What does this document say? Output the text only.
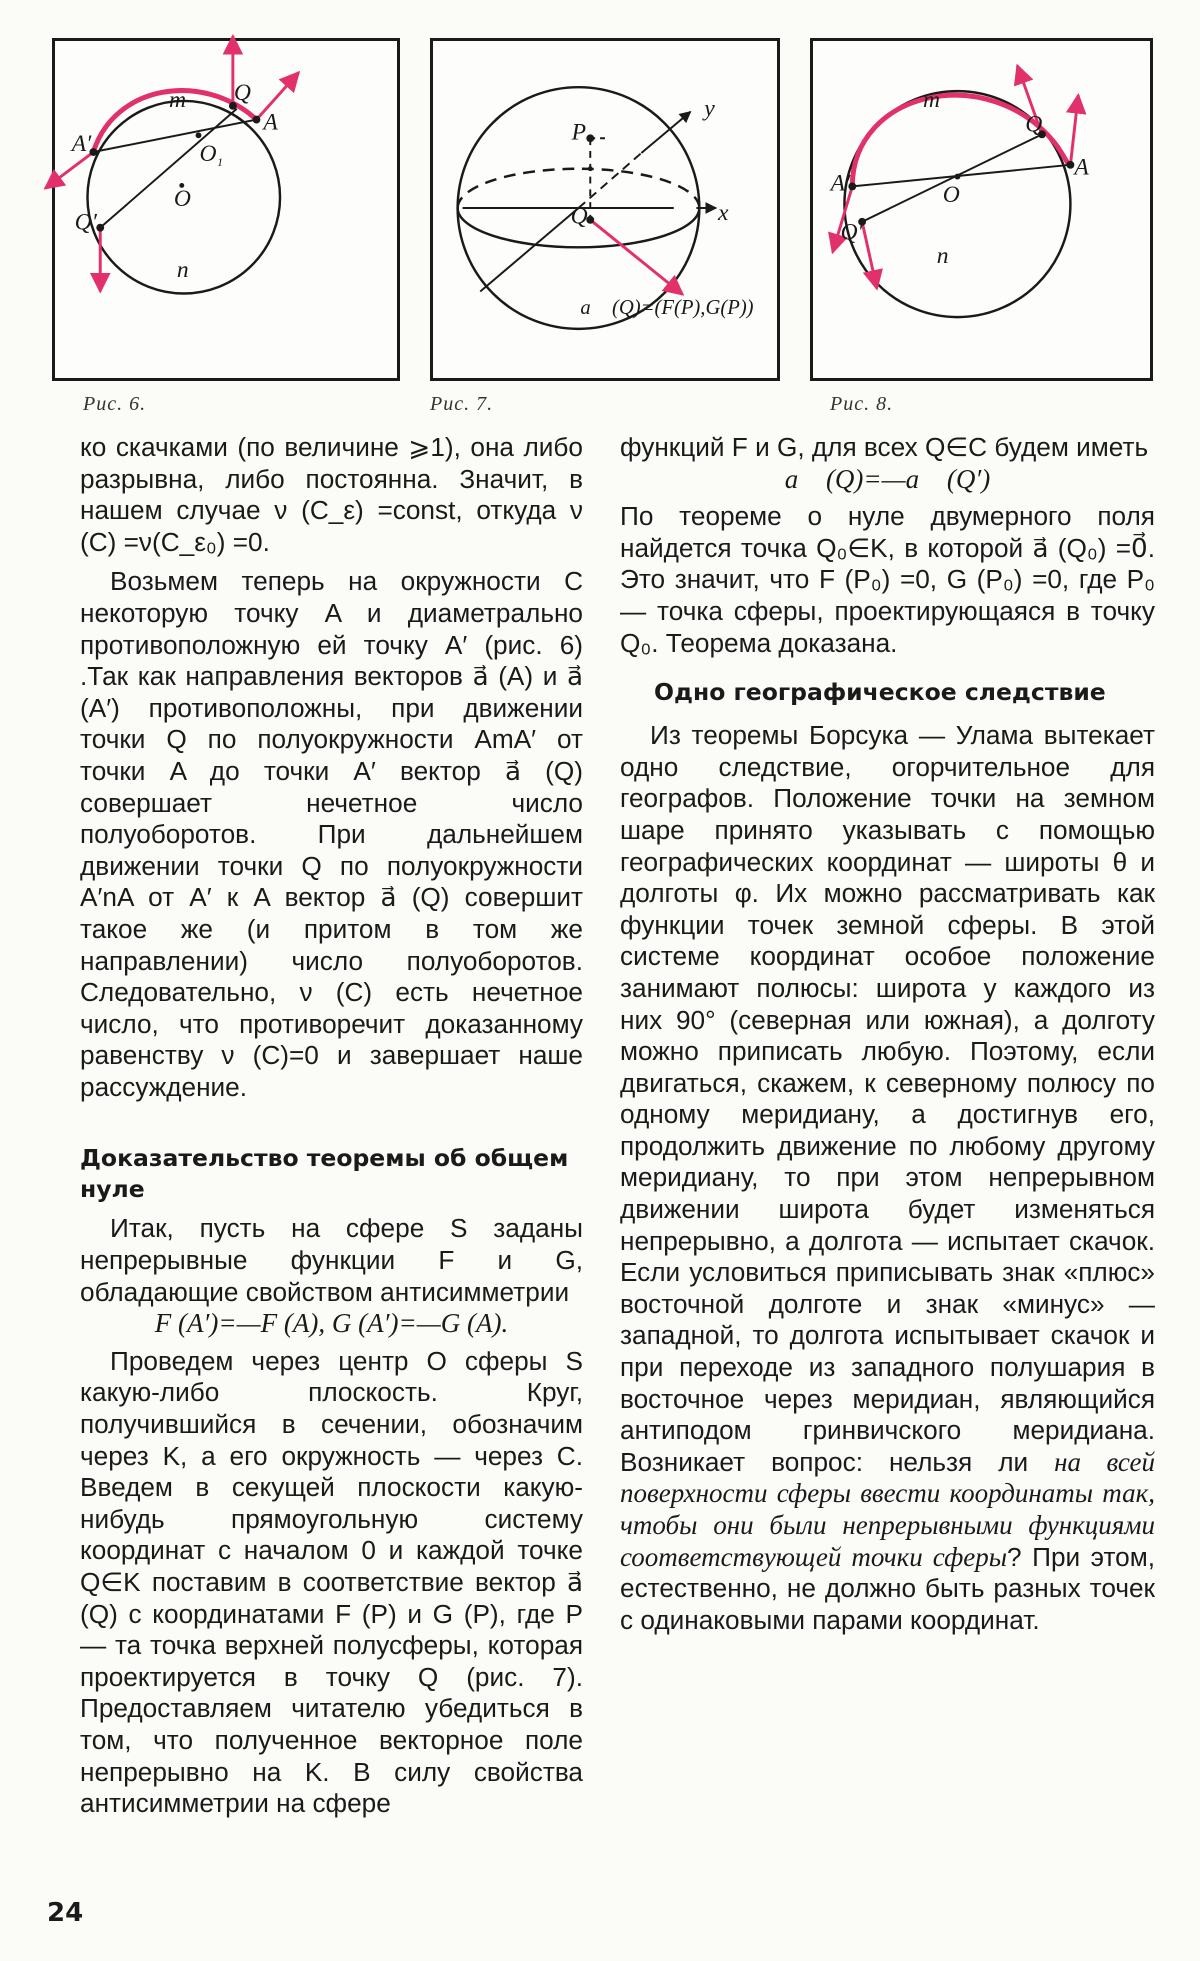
m Q
A
A′	O 1
O
Q′
n
y
P
x
Q
a⃗ (Q)=(F(P),G(P))
m
Q
A
A′	O
Q′
n
Рис. 6.	Рис. 7.	Рис. 8.

ко скачками (по величине ⩾1), она либо разрывна, либо постоянна. Значит, в нашем случае ν (C_ε) =const, откуда ν (C) =ν(C_ε₀) =0.

Возьмем теперь на окружности C некоторую точку A и диаметрально противоположную ей точку A′ (рис. 6) .Так как направления векторов a⃗ (A) и a⃗ (A′) противоположны, при движении точки Q по полуокружности AmA′ от точки A до точки A′ вектор a⃗ (Q) совершает нечетное число полуоборотов. При дальнейшем движении точки Q по полуокружности A′nA от A′ к A вектор a⃗ (Q) совершит такое же (и притом в том же направлении) число полуоборотов. Следовательно, ν (C) есть нечетное число, что противоречит доказанному равенству ν (C)=0 и завершает наше рассуждение.

Доказательство теоремы об общем нуле

Итак, пусть на сфере S заданы непрерывные функции F и G, обладающие свойством антисимметрии

F (A′)=—F (A), G (A′)=—G (A).

Проведем через центр O сферы S какую-либо плоскость. Круг, получившийся в сечении, обозначим через K, а его окружность — через C. Введем в секущей плоскости какую-нибудь прямоугольную систему координат с началом 0 и каждой точке Q∈K поставим в соответствие вектор a⃗ (Q) с координатами F (P) и G (P), где P — та точка верхней полусферы, которая проектируется в точку Q (рис. 7). Предоставляем читателю убедиться в том, что полученное векторное поле непрерывно на K. В силу свойства антисимметрии на сфере

функций F и G, для всех Q∈C будем иметь

a⃗ (Q)=—a⃗ (Q′)

По теореме о нуле двумерного поля найдется точка Q₀∈K, в которой a⃗ (Q₀) =0⃗. Это значит, что F (P₀) =0, G (P₀) =0, где P₀ — точка сферы, проектирующаяся в точку Q₀. Теорема доказана.

Одно географическое следствие

Из теоремы Борсука — Улама вытекает одно следствие, огорчительное для географов. Положение точки на земном шаре принято указывать с помощью географических координат — широты θ и долготы φ. Их можно рассматривать как функции точек земной сферы. В этой системе координат особое положение занимают полюсы: широта у каждого из них 90° (северная или южная), а долготу можно приписать любую. Поэтому, если двигаться, скажем, к северному полюсу по одному меридиану, а достигнув его, продолжить движение по любому другому меридиану, то при этом непрерывном движении широта будет изменяться непрерывно, а долгота — испытает скачок. Если условиться приписывать знак «плюс» восточной долготе и знак «минус» — западной, то долгота испытывает скачок и при переходе из западного полушария в восточное через меридиан, являющийся антиподом гринвичского меридиана. Возникает вопрос: нельзя ли на всей поверхности сферы ввести координаты так, чтобы они были непрерывными функциями соответствующей точки сферы? При этом, естественно, не должно быть разных точек с одинаковыми парами координат.

24
